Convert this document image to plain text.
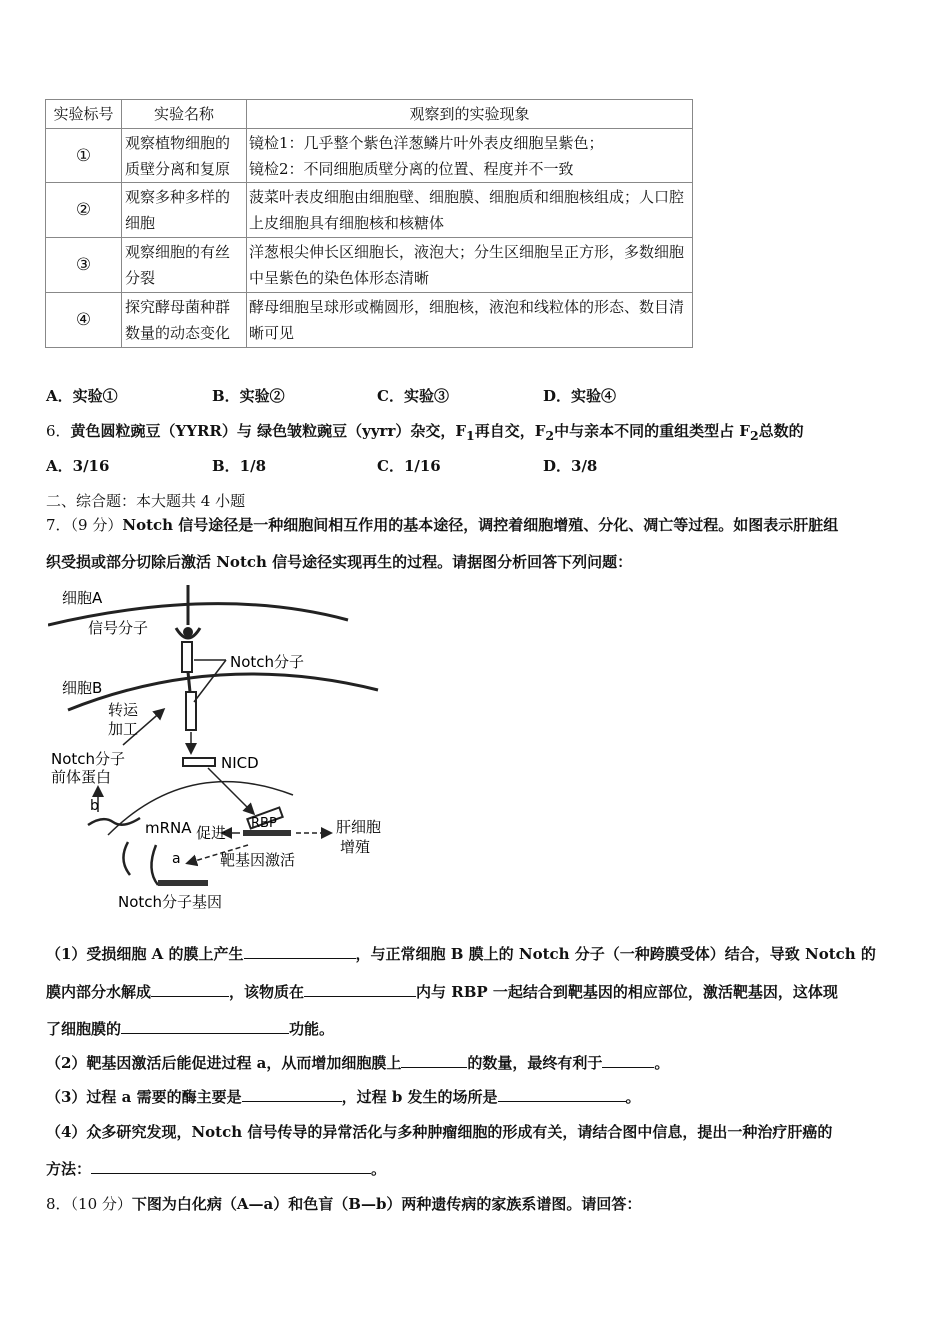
实验标号	实验名称	观察到的实验现象
①	观察植物细胞的质壁分离和复原	镜检1：几乎整个紫色洋葱鳞片叶外表皮细胞呈紫色；
镜检2：不同细胞质壁分离的位置、程度并不一致

②	观察多种多样的细胞	菠菜叶表皮细胞由细胞壁、细胞膜、细胞质和细胞核组成；人口腔上皮细胞具有细胞核和核糖体
③	观察细胞的有丝分裂	洋葱根尖伸长区细胞长，液泡大；分生区细胞呈正方形，多数细胞中呈紫色的染色体形态清晰
④	探究酵母菌种群数量的动态变化	酵母细胞呈球形或椭圆形，细胞核，液泡和线粒体的形态、数目清晰可见
A．实验①	B．实验②	C．实验③	D．实验④
6．黄色圆粒豌豆（YYRR）与 绿色皱粒豌豆（yyrr）杂交，$F_1$再自交，$F_2$中与亲本不同的重组类型占 $F_2$总数的
A．3/16	B．1/8	C．1/16	D．3/8
二、综合题：本大题共 4 小题
7．（9 分）Notch 信号途径是一种细胞间相互作用的基本途径，调控着细胞增殖、分化、凋亡等过程。如图表示肝脏组
织受损或部分切除后激活 Notch 信号途径实现再生的过程。请据图分析回答下列问题：
细胞A
信号分子
Notch分子
细胞B
转运
加工
Notch分子
前体蛋白
NICD
b
mRNA 促进
RBP	肝细胞
增殖
a	靶基因激活
Notch分子基因
（1）受损细胞 A 的膜上产生	，与正常细胞 B 膜上的 Notch 分子（一种跨膜受体）结合，导致 Notch 的
膜内部分水解成	，该物质在	内与 RBP 一起结合到靶基因的相应部位，激活靶基因，这体现
了细胞膜的	功能。
（2）靶基因激活后能促进过程 a，从而增加细胞膜上	的数量，最终有利于	。
（3）过程 a 需要的酶主要是	，过程 b 发生的场所是	。
（4）众多研究发现，Notch 信号传导的异常活化与多种肿瘤细胞的形成有关，请结合图中信息，提出一种治疗肝癌的
方法：	。
8．（10 分）下图为白化病（A—a）和色盲（B—b）两种遗传病的家族系谱图。请回答：
